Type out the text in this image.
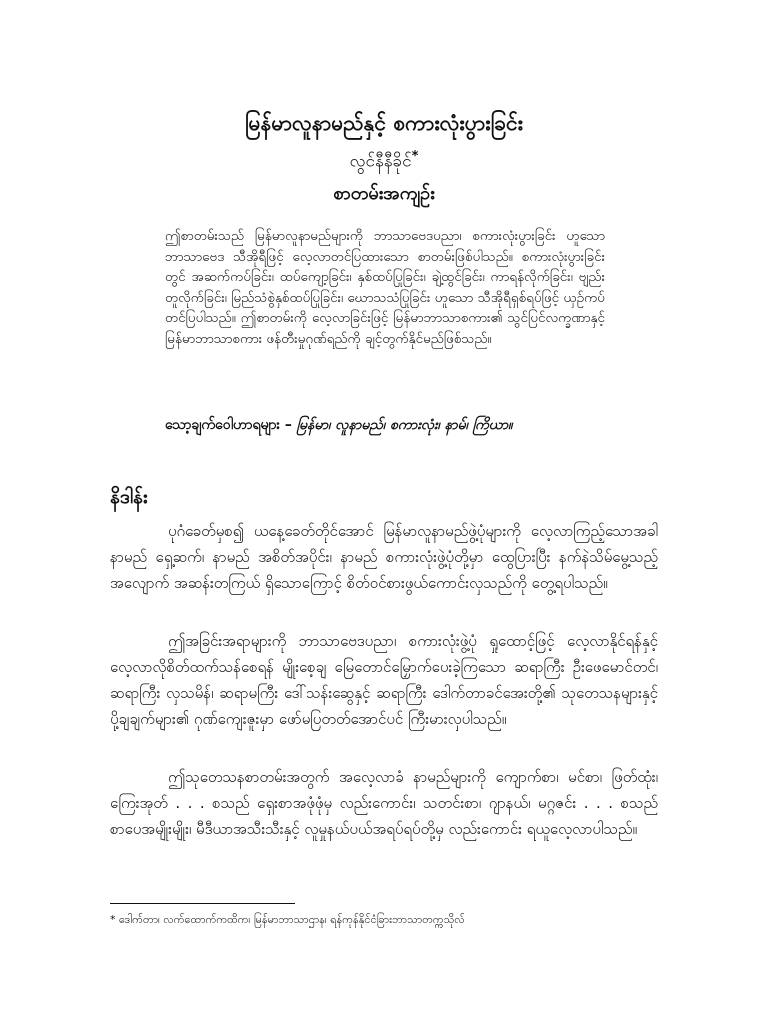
မြန်မာလူနာမည်နှင့် စကားလုံးပွားခြင်း
လွင်နီနီခိုင်*
စာတမ်းအကျဉ်း

ဤစာတမ်းသည် မြန်မာလူနာမည်များကို ဘာသာဗေဒပညာ၊ စကားလုံးပွားခြင်း ဟူသော ဘာသာဗေဒ သီအိုရီဖြင့် လေ့လာတင်ပြထားသော စာတမ်းဖြစ်ပါသည်။ စကားလုံးပွားခြင်းတွင် အဆက်ကပ်ခြင်း၊ ထပ်ကျော့ခြင်း၊ နှစ်ထပ်ပြုခြင်း၊ ချဲ့ထွင်ခြင်း၊ ကာရန်လိုက်ခြင်း၊ ဗျည်းတူလိုက်ခြင်း၊ မြည်သံစွဲနှစ်ထပ်ပြုခြင်း၊ ဃောသသံပြုခြင်း ဟူသော သီအိုရီရှစ်ရပ်ဖြင့် ယှဉ်ကပ်တင်ပြပါသည်။ ဤစာတမ်းကို လေ့လာခြင်းဖြင့် မြန်မာဘာသာစကား၏ သွင်ပြင်လက္ခဏာနှင့် မြန်မာဘာသာစကား ဖန်တီးမှုဂုဏ်ရည်ကို ချင့်တွက်နိုင်မည်ဖြစ်သည်။

သော့ချက်ဝေါဟာရများ – မြန်မာ၊ လူနာမည်၊ စကားလုံး၊ နာမ်၊ ကြိယာ။

နိဒါန်း

ပုဂံခေတ်မှစ၍ ယနေ့ခေတ်တိုင်အောင် မြန်မာလူနာမည်ဖွဲ့ပုံများကို လေ့လာကြည့်သောအခါ နာမည် ရှေ့ဆက်၊ နာမည် အစိတ်အပိုင်း၊ နာမည် စကားလုံးဖွဲ့ပုံတို့မှာ ထွေပြားပြီး နက်နဲသိမ်မွေ့သည့်အလျောက် အဆန်းတကြယ် ရှိသောကြောင့် စိတ်ဝင်စားဖွယ်ကောင်းလှသည်ကို တွေ့ရပါသည်။

ဤအခြင်းအရာများကို ဘာသာဗေဒပညာ၊ စကားလုံးဖွဲ့ပုံ ရှုထောင့်ဖြင့် လေ့လာနိုင်ရန်နှင့် လေ့လာလိုစိတ်ထက်သန်စေရန် မျိုးစေ့ချ မြေတောင်မြှောက်ပေးခဲ့ကြသော ဆရာကြီး ဦးဖေမောင်တင်၊ ဆရာကြီး လှသမိန်၊ ဆရာမကြီး ဒေါ်သန်းဆွေနှင့် ဆရာကြီး ဒေါက်တာခင်အေးတို့၏ သုတေသနများနှင့် ပို့ချချက်များ၏ ဂုဏ်ကျေးဇူးမှာ ဖော်မပြတတ်အောင်ပင် ကြီးမားလှပါသည်။

ဤသုတေသနစာတမ်းအတွက် အလေ့လာခံ နာမည်များကို ကျောက်စာ၊ မင်စာ၊ ဖြတ်ထုံး၊ ကြေးအုတ် . . . စသည် ရှေးစာအဖုံဖုံမှ လည်းကောင်း၊ သတင်းစာ၊ ဂျာနယ်၊ မဂ္ဂဇင်း . . . စသည် စာပေအမျိုးမျိုး၊ မီဒီယာအသီးသီးနှင့် လူမှုနယ်ပယ်အရပ်ရပ်တို့မှ လည်းကောင်း ရယူလေ့လာပါသည်။

* ဒေါက်တာ၊ လက်ထောက်ကထိက၊ မြန်မာဘာသာဌာန၊ ရန်ကုန်နိုင်ငံခြားဘာသာတက္ကသိုလ်
